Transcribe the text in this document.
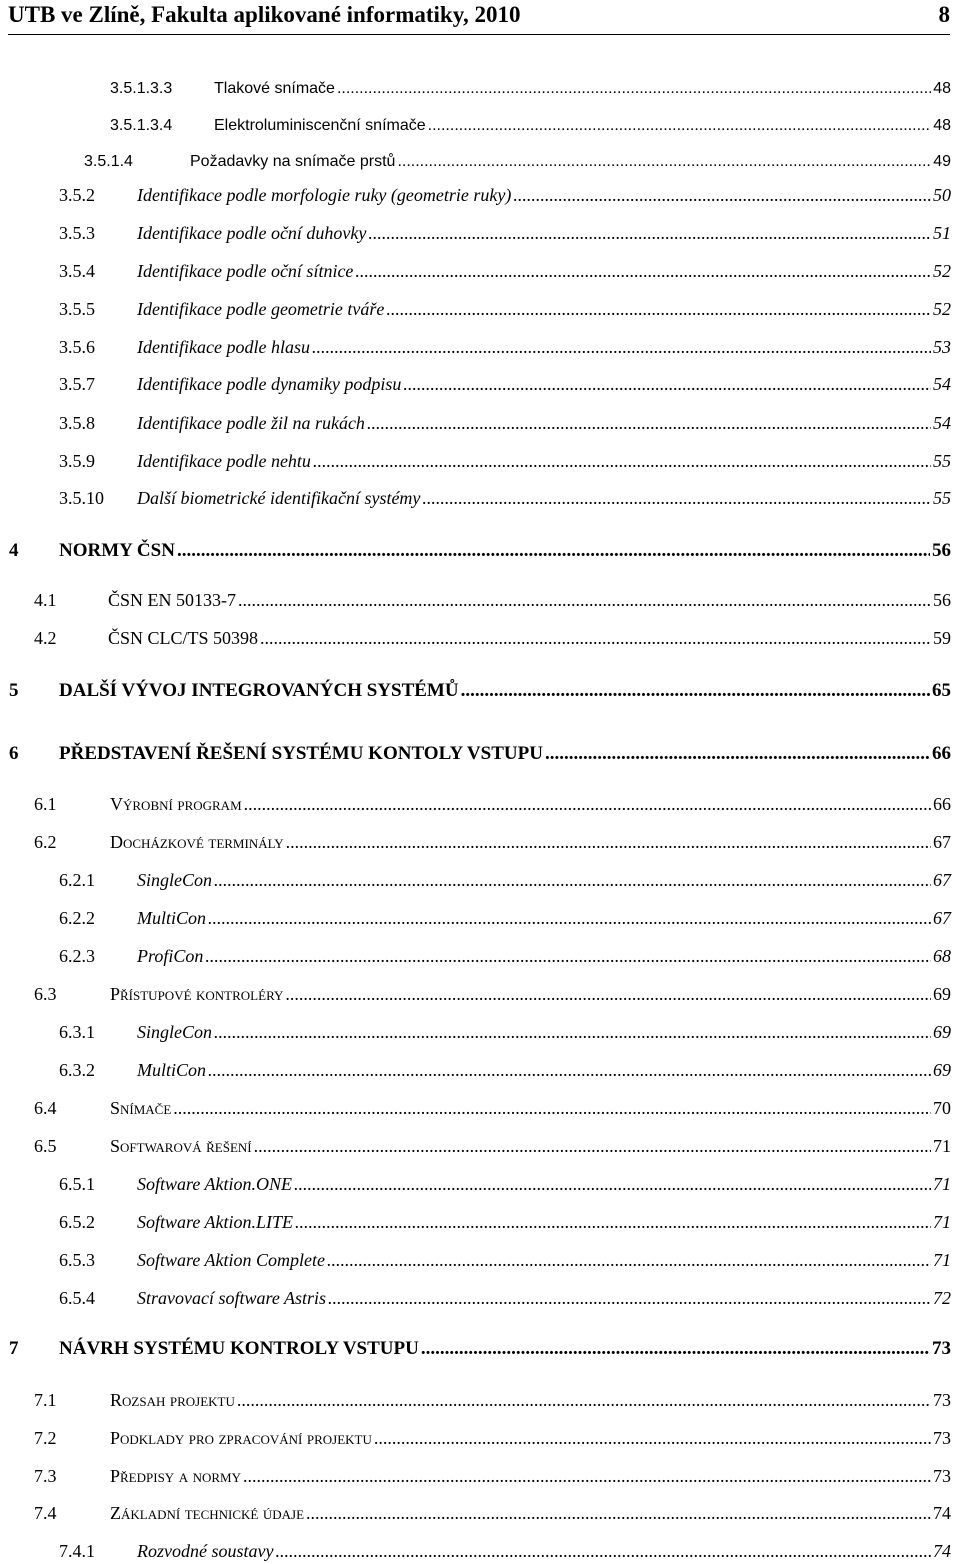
UTB ve Zlíně, Fakulta aplikované informatiky, 2010	8
3.5.1.3.3	Tlakové snímače .....	48
3.5.1.3.4	Elektroluminiscenční snímače .....	48
3.5.1.4	Požadavky na snímače prstů .....	49
3.5.2	Identifikace podle morfologie ruky (geometrie ruky) .....	50
3.5.3	Identifikace podle oční duhovky .....	51
3.5.4	Identifikace podle oční sítnice .....	52
3.5.5	Identifikace podle geometrie tváře .....	52
3.5.6	Identifikace podle hlasu .....	53
3.5.7	Identifikace podle dynamiky podpisu .....	54
3.5.8	Identifikace podle žil na rukách .....	54
3.5.9	Identifikace podle nehtu .....	55
3.5.10	Další biometrické identifikační systémy .....	55
4	NORMY ČSN .....	56
4.1	ČSN EN 50133-7 .....	56
4.2	ČSN CLC/TS 50398 .....	59
5	DALŠÍ VÝVOJ INTEGROVANÝCH SYSTÉMŮ .....	65
6	PŘEDSTAVENÍ ŘEŠENÍ SYSTÉMU KONTOLY VSTUPU .....	66
6.1	Výrobní program .....	66
6.2	Docházkové terminály .....	67
6.2.1	SingleCon .....	67
6.2.2	MultiCon .....	67
6.2.3	ProfiCon .....	68
6.3	Přístupové kontroléry .....	69
6.3.1	SingleCon .....	69
6.3.2	MultiCon .....	69
6.4	Snímače .....	70
6.5	Softwarová řešení .....	71
6.5.1	Software Aktion.ONE .....	71
6.5.2	Software Aktion.LITE .....	71
6.5.3	Software Aktion Complete .....	71
6.5.4	Stravovací software Astris .....	72
7	NÁVRH SYSTÉMU KONTROLY VSTUPU .....	73
7.1	Rozsah projektu .....	73
7.2	Podklady pro zpracování projektu .....	73
7.3	Předpisy a normy .....	73
7.4	Základní technické údaje .....	74
7.4.1	Rozvodné soustavy .....	74
